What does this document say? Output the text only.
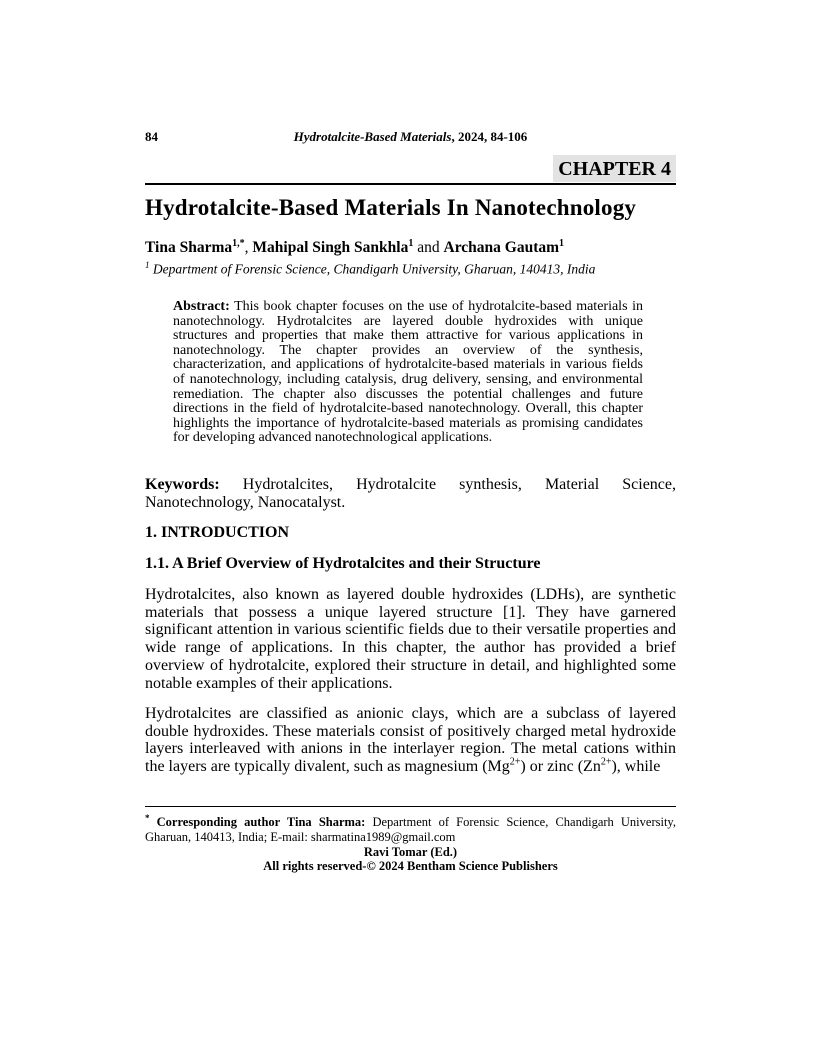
84	Hydrotalcite-Based Materials, 2024, 84-106
CHAPTER 4
Hydrotalcite-Based Materials In Nanotechnology
Tina Sharma$^{1,*}$, Mahipal Singh Sankhla$^1$ and Archana Gautam$^1$
$^1$ Department of Forensic Science, Chandigarh University, Gharuan, 140413, India
Abstract: This book chapter focuses on the use of hydrotalcite-based materials in nanotechnology. Hydrotalcites are layered double hydroxides with unique structures and properties that make them attractive for various applications in nanotechnology. The chapter provides an overview of the synthesis, characterization, and applications of hydrotalcite-based materials in various fields of nanotechnology, including catalysis, drug delivery, sensing, and environmental remediation. The chapter also discusses the potential challenges and future directions in the field of hydrotalcite-based nanotechnology. Overall, this chapter highlights the importance of hydrotalcite-based materials as promising candidates for developing advanced nanotechnological applications.
Keywords: Hydrotalcites, Hydrotalcite synthesis, Material Science, Nanotechnology, Nanocatalyst.
1. INTRODUCTION
1.1. A Brief Overview of Hydrotalcites and their Structure

Hydrotalcites, also known as layered double hydroxides (LDHs), are synthetic materials that possess a unique layered structure [1]. They have garnered significant attention in various scientific fields due to their versatile properties and wide range of applications. In this chapter, the author has provided a brief overview of hydrotalcite, explored their structure in detail, and highlighted some notable examples of their applications.

Hydrotalcites are classified as anionic clays, which are a subclass of layered double hydroxides. These materials consist of positively charged metal hydroxide layers interleaved with anions in the interlayer region. The metal cations within the layers are typically divalent, such as magnesium $(Mg^{2+})$ or zinc $(Zn^{2+})$, while

* Corresponding author Tina Sharma: Department of Forensic Science, Chandigarh University, Gharuan, 140413, India; E-mail: sharmatina1989@gmail.com
Ravi Tomar (Ed.)
All rights reserved-© 2024 Bentham Science Publishers
